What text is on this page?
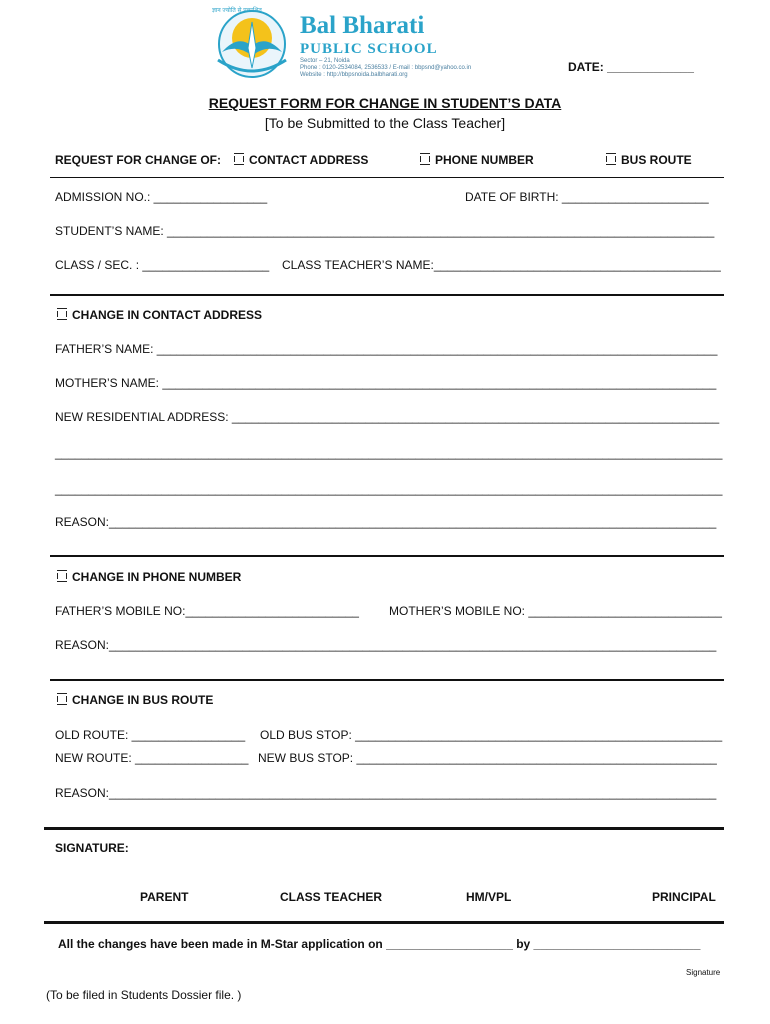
ज्ञान ज्योति से प्रकाशित

Bal Bharati

PUBLIC SCHOOL

Sector – 21, Noida

Phone : 0120-2534084, 2536533 / E-mail : bbpsnd@yahoo.co.in

Website : http://bbpsnoida.balbharati.org

DATE: _____________
REQUEST FORM FOR CHANGE IN STUDENT’S DATA
[To be Submitted to the Class Teacher]
REQUEST FOR CHANGE OF:	CONTACT ADDRESS	PHONE NUMBER	BUS ROUTE
ADMISSION NO.: _________________	DATE OF BIRTH: ______________________
STUDENT’S NAME: __________________________________________________________________________________
CLASS / SEC. : ___________________ CLASS TEACHER’S NAME:___________________________________________
CHANGE IN CONTACT ADDRESS
FATHER’S NAME: ____________________________________________________________________________________
MOTHER’S NAME: ___________________________________________________________________________________
NEW RESIDENTIAL ADDRESS: _________________________________________________________________________
____________________________________________________________________________________________________
____________________________________________________________________________________________________
REASON:___________________________________________________________________________________________
CHANGE IN PHONE NUMBER
FATHER’S MOBILE NO:__________________________	MOTHER’S MOBILE NO: _____________________________
REASON:___________________________________________________________________________________________
CHANGE IN BUS ROUTE
OLD ROUTE: _________________ OLD BUS STOP: _______________________________________________________
NEW ROUTE: _________________ NEW BUS STOP: ______________________________________________________
REASON:___________________________________________________________________________________________
SIGNATURE:
PARENT	CLASS TEACHER	HM/VPL	PRINCIPAL
All the changes have been made in M-Star application on ___________________ by _________________________
Signature
(To be filed in Students Dossier file. )
